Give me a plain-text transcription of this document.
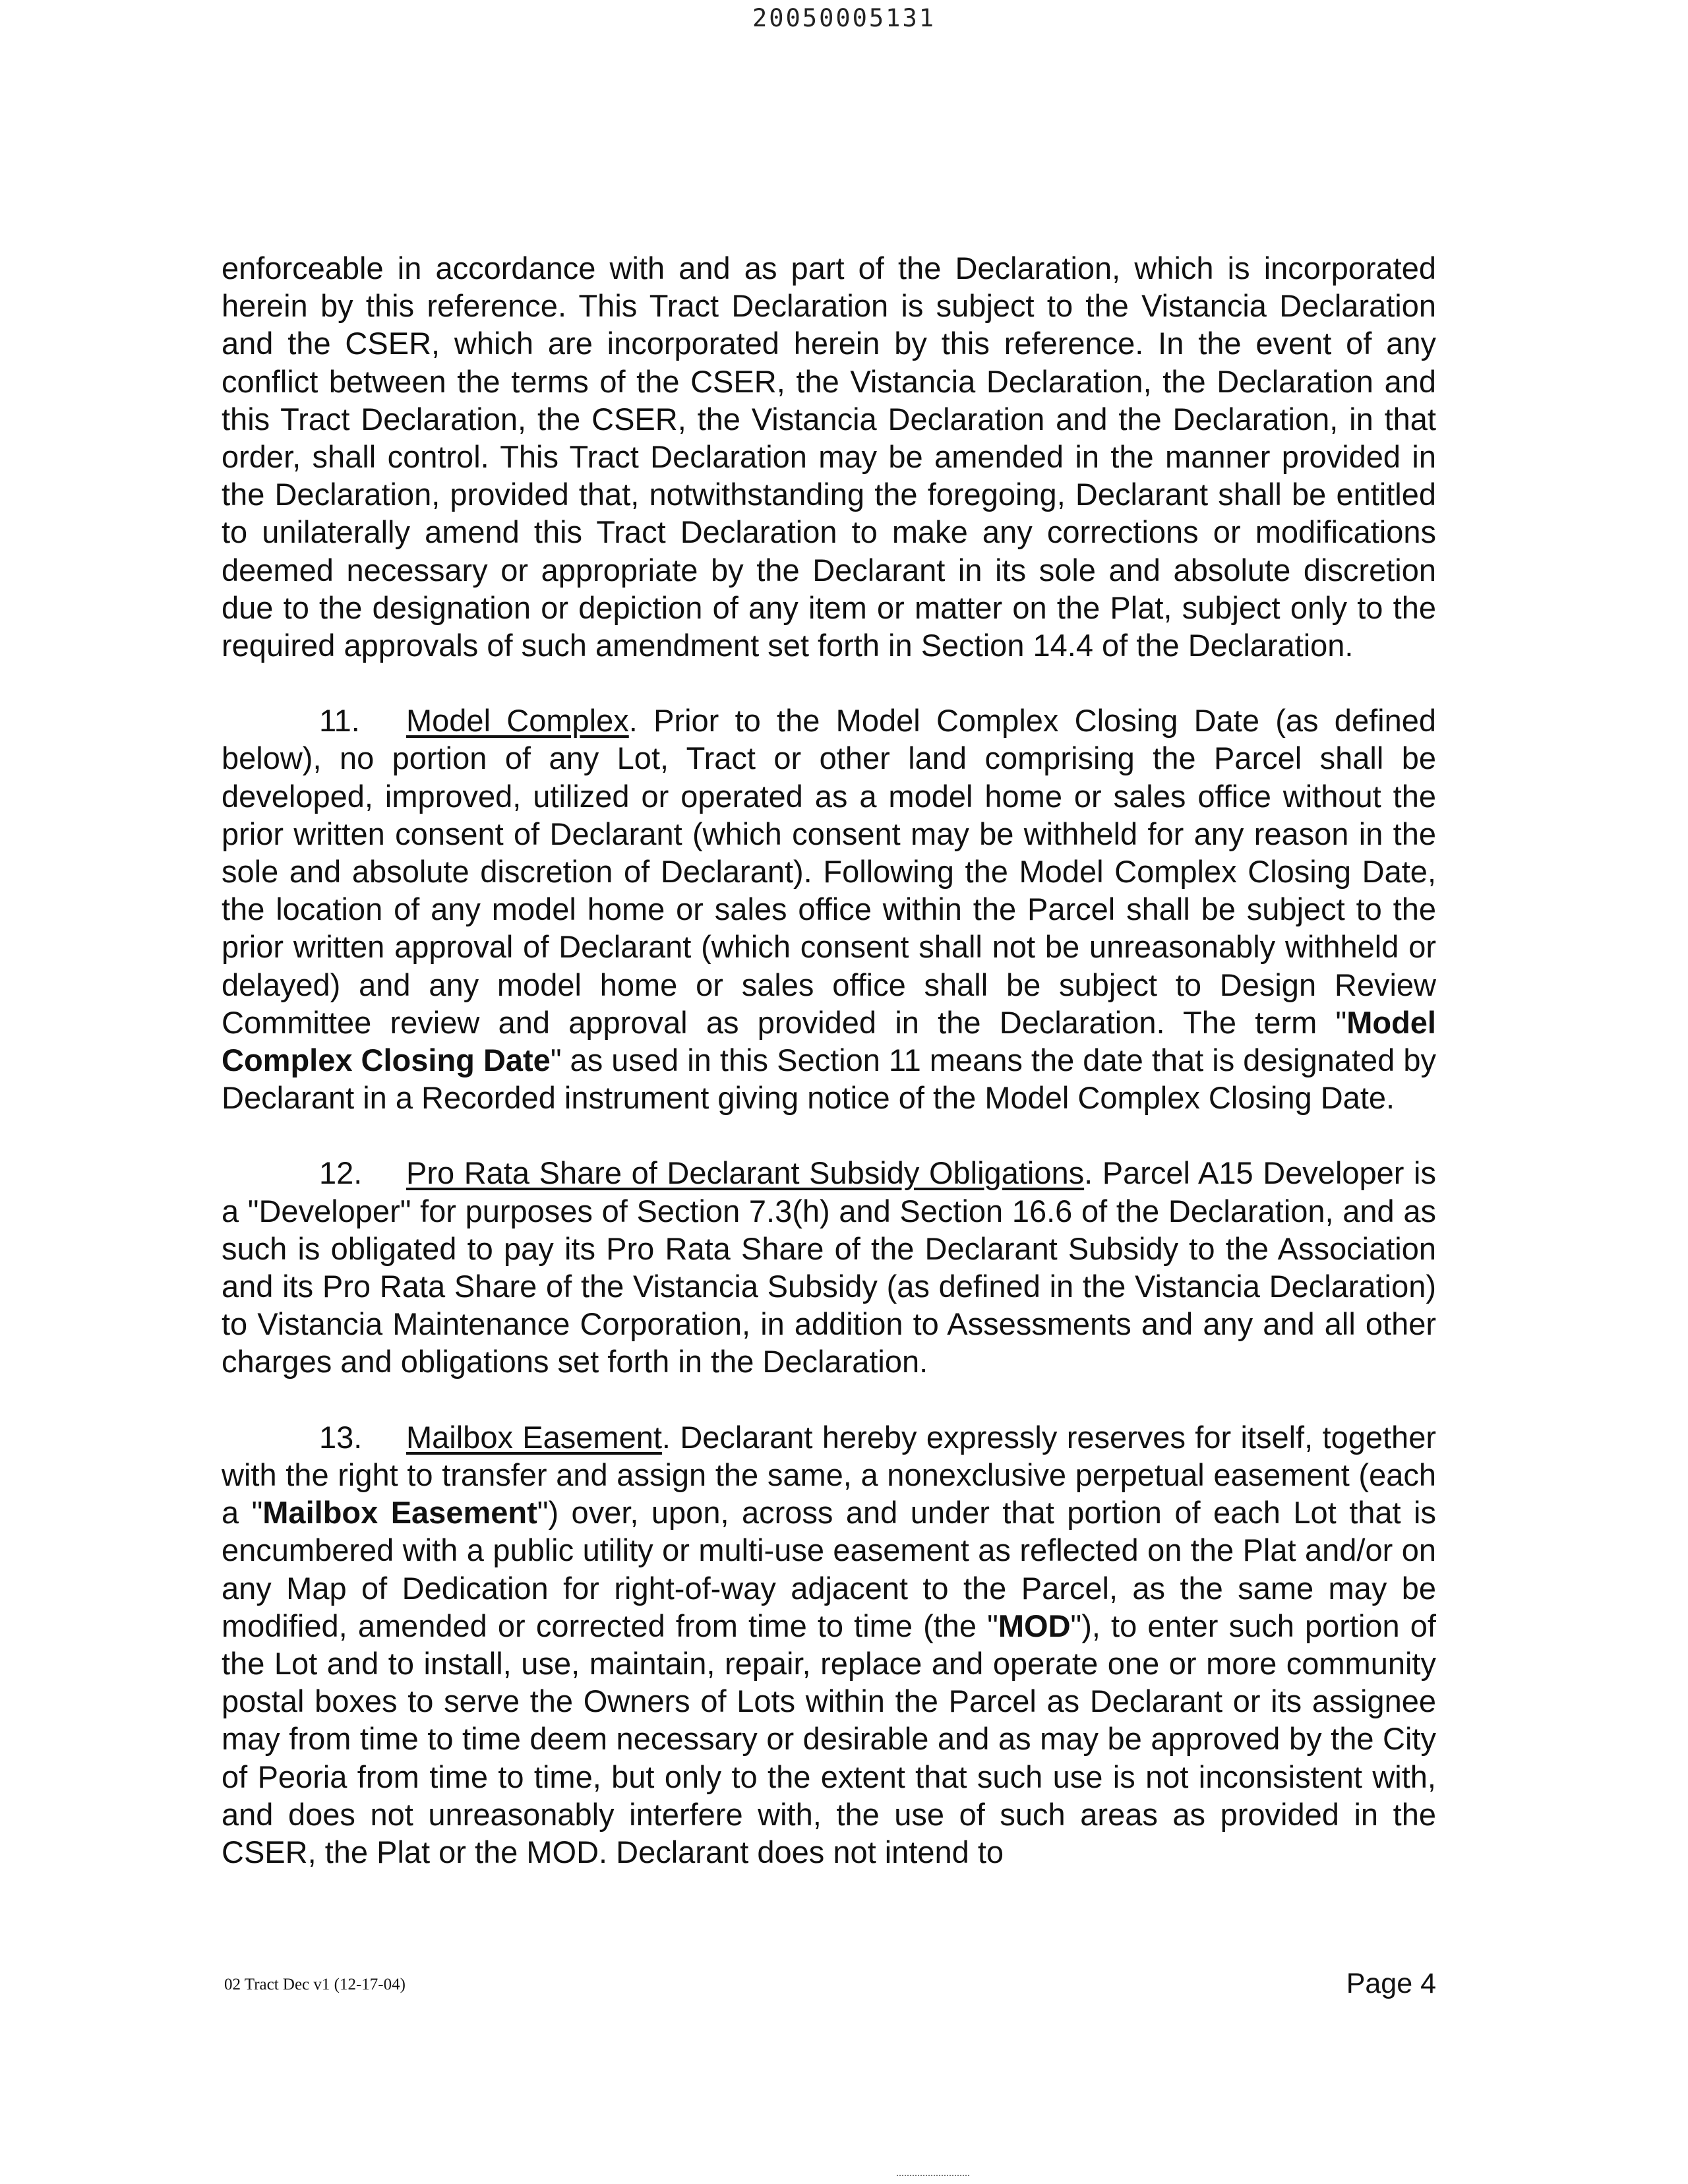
20050005131

enforceable in accordance with and as part of the Declaration, which is incorporated herein by this reference. This Tract Declaration is subject to the Vistancia Declaration and the CSER, which are incorporated herein by this reference. In the event of any conflict between the terms of the CSER, the Vistancia Declaration, the Declaration and this Tract Declaration, the CSER, the Vistancia Declaration and the Declaration, in that order, shall control. This Tract Declaration may be amended in the manner provided in the Declaration, provided that, notwithstanding the foregoing, Declarant shall be entitled to unilaterally amend this Tract Declaration to make any corrections or modifications deemed necessary or appropriate by the Declarant in its sole and absolute discretion due to the designation or depiction of any item or matter on the Plat, subject only to the required approvals of such amendment set forth in Section 14.4 of the Declaration.

11. Model Complex. Prior to the Model Complex Closing Date (as defined below), no portion of any Lot, Tract or other land comprising the Parcel shall be developed, improved, utilized or operated as a model home or sales office without the prior written consent of Declarant (which consent may be withheld for any reason in the sole and absolute discretion of Declarant). Following the Model Complex Closing Date, the location of any model home or sales office within the Parcel shall be subject to the prior written approval of Declarant (which consent shall not be unreasonably withheld or delayed) and any model home or sales office shall be subject to Design Review Committee review and approval as provided in the Declaration. The term "Model Complex Closing Date" as used in this Section 11 means the date that is designated by Declarant in a Recorded instrument giving notice of the Model Complex Closing Date.

12. Pro Rata Share of Declarant Subsidy Obligations. Parcel A15 Developer is a "Developer" for purposes of Section 7.3(h) and Section 16.6 of the Declaration, and as such is obligated to pay its Pro Rata Share of the Declarant Subsidy to the Association and its Pro Rata Share of the Vistancia Subsidy (as defined in the Vistancia Declaration) to Vistancia Maintenance Corporation, in addition to Assessments and any and all other charges and obligations set forth in the Declaration.

13. Mailbox Easement. Declarant hereby expressly reserves for itself, together with the right to transfer and assign the same, a nonexclusive perpetual easement (each a "Mailbox Easement") over, upon, across and under that portion of each Lot that is encumbered with a public utility or multi-use easement as reflected on the Plat and/or on any Map of Dedication for right-of-way adjacent to the Parcel, as the same may be modified, amended or corrected from time to time (the "MOD"), to enter such portion of the Lot and to install, use, maintain, repair, replace and operate one or more community postal boxes to serve the Owners of Lots within the Parcel as Declarant or its assignee may from time to time deem necessary or desirable and as may be approved by the City of Peoria from time to time, but only to the extent that such use is not inconsistent with, and does not unreasonably interfere with, the use of such areas as provided in the CSER, the Plat or the MOD. Declarant does not intend to

02 Tract Dec v1 (12-17-04)	Page 4
